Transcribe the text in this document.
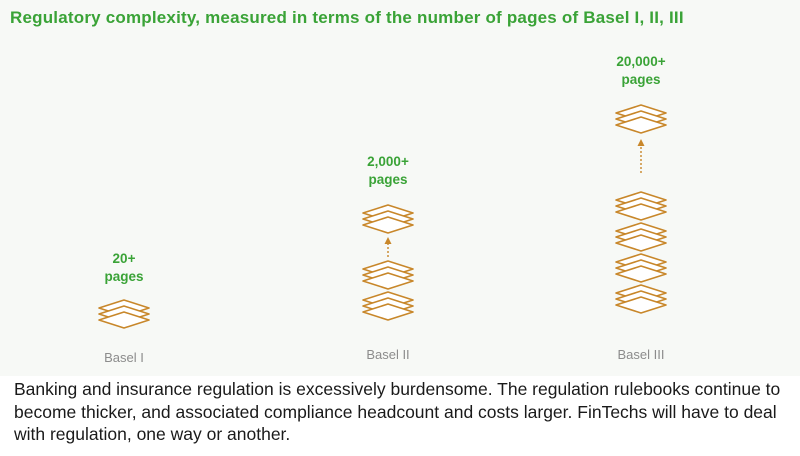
Regulatory complexity, measured in terms of the number of pages of Basel I, II, III
20+
pages
Basel I
2,000+
pages
Basel II
20,000+
pages
Basel III
Banking and insurance regulation is excessively burdensome. The regulation rulebooks continue to become thicker, and associated compliance headcount and costs larger. FinTechs will have to deal with regulation, one way or another.
